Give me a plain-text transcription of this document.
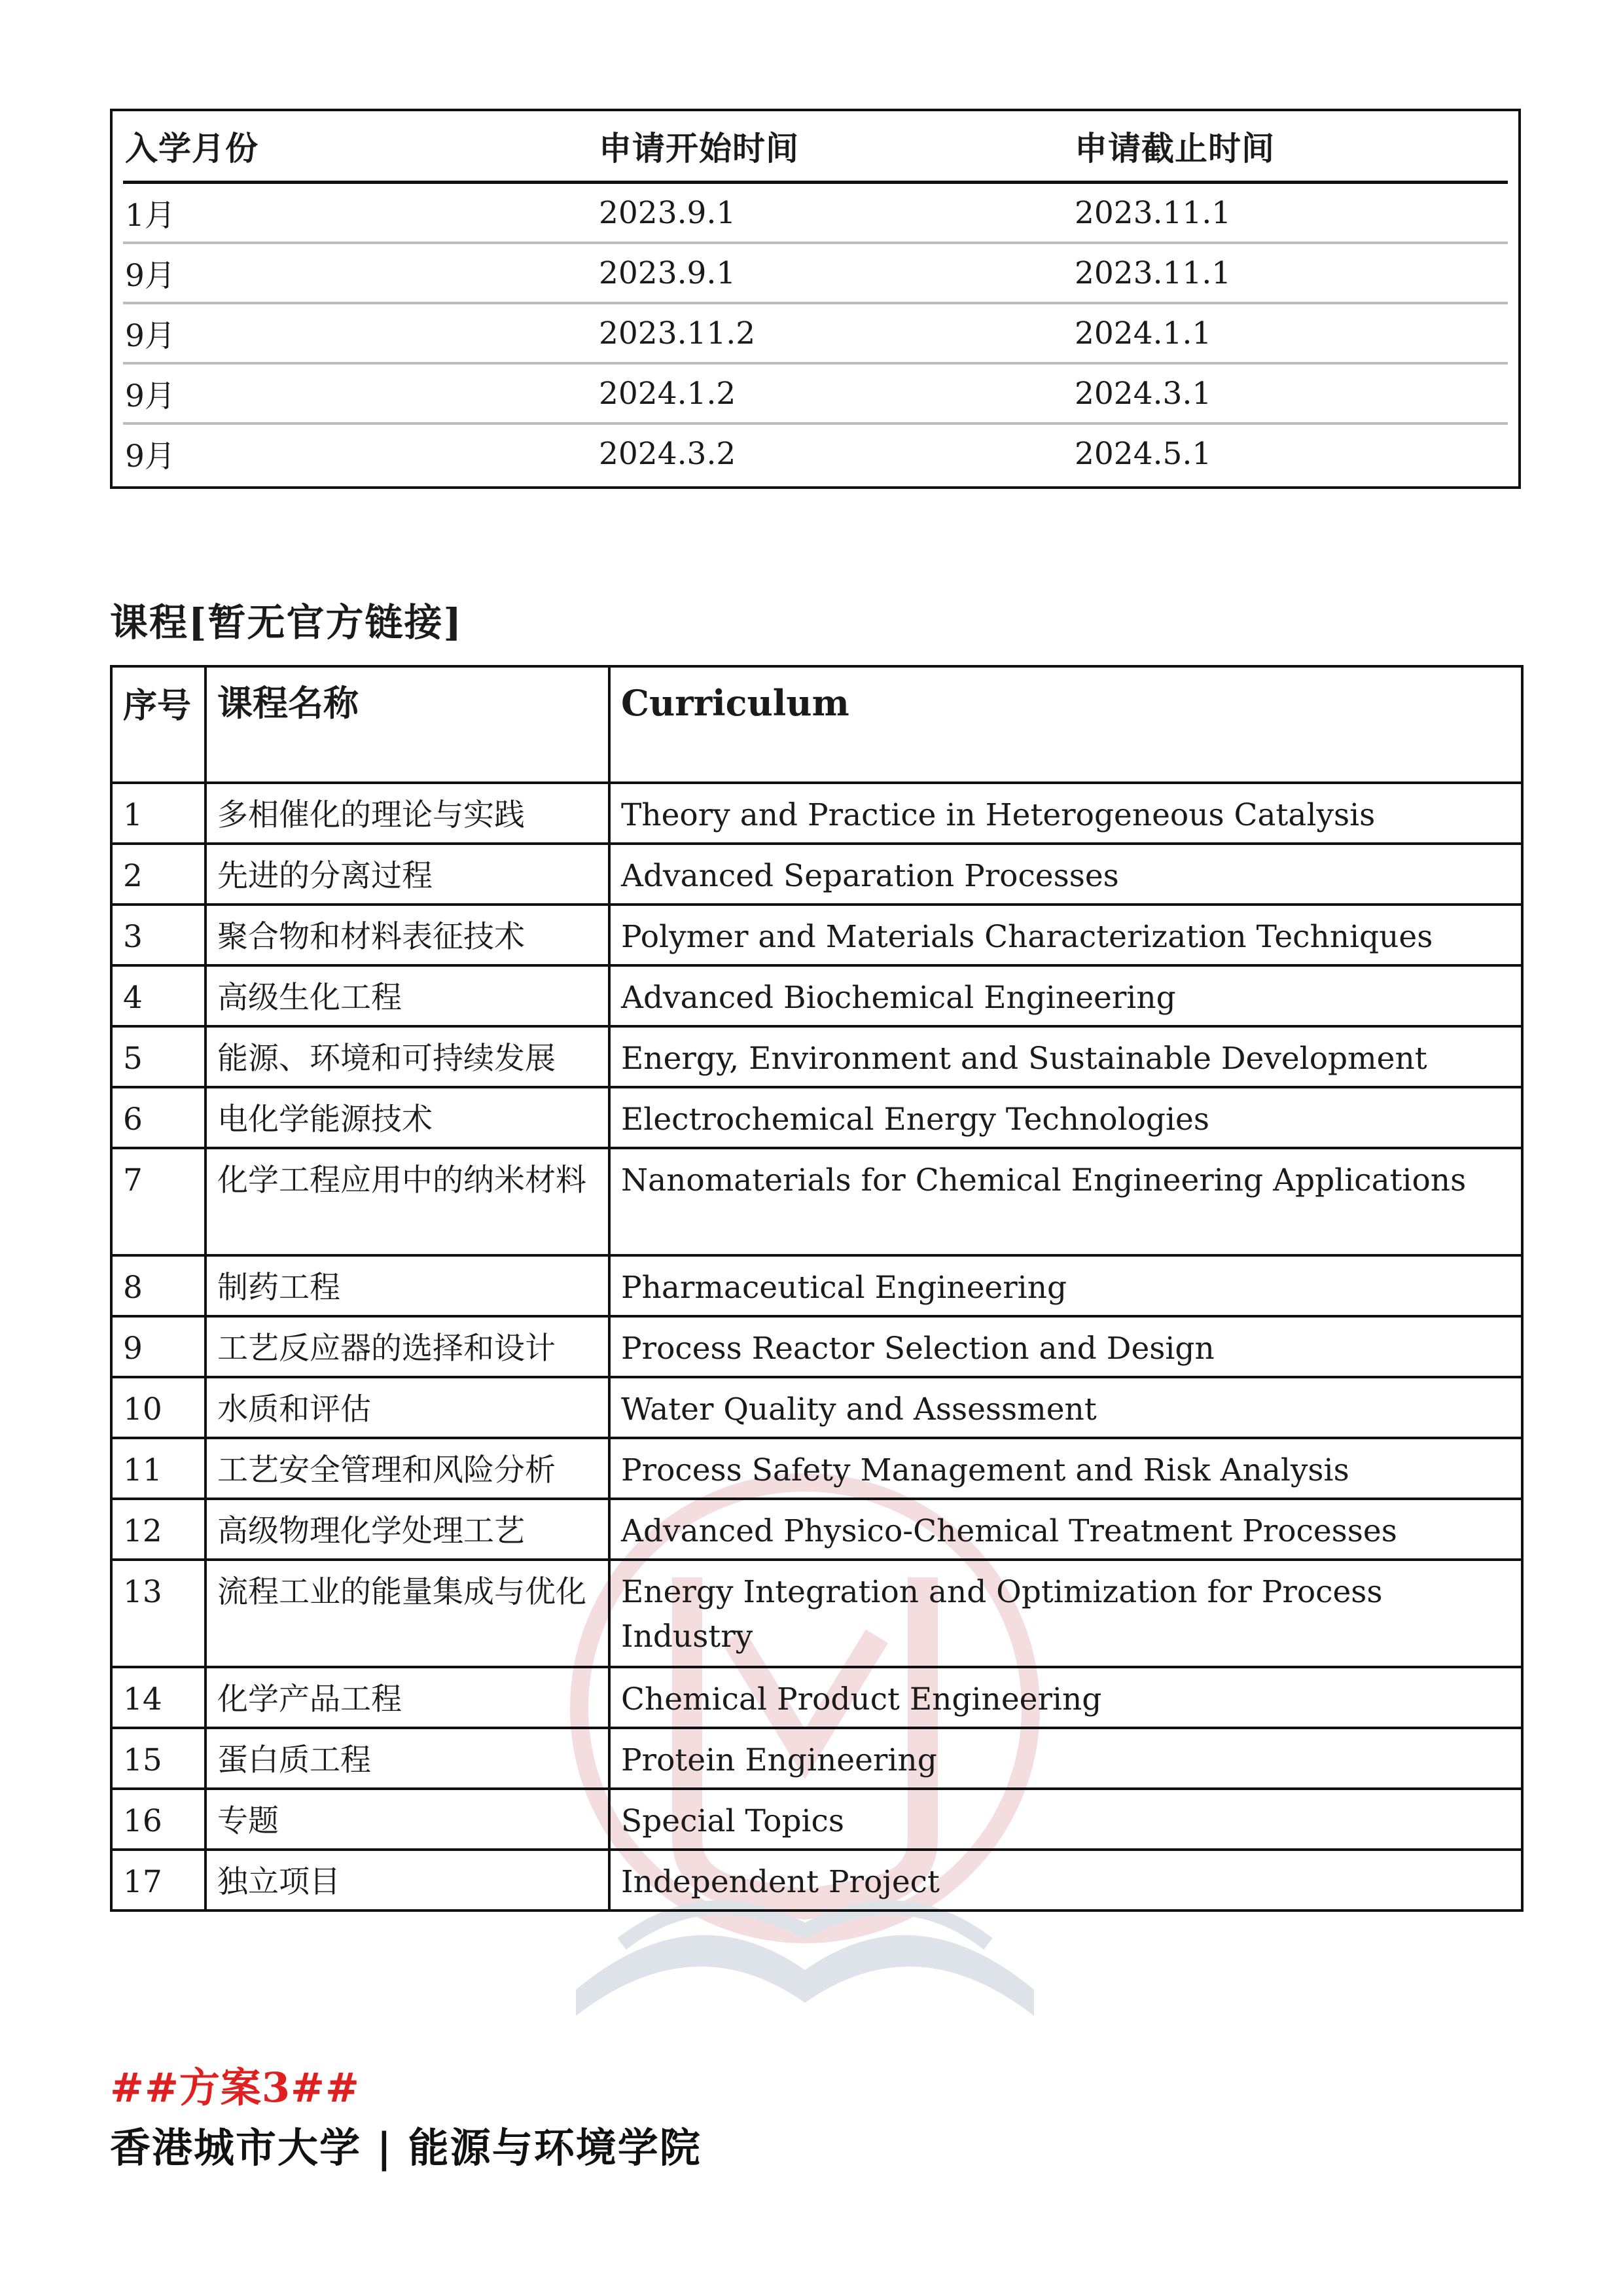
入学月份	申请开始时间	申请截止时间
1月	2023.9.1	2023.11.1
9月	2023.9.1	2023.11.1
9月	2023.11.2	2024.1.1
9月	2024.1.2	2024.3.1
9月	2024.3.2	2024.5.1
课程[暂无官方链接]
序号	课程名称	Curriculum
1	多相催化的理论与实践	Theory and Practice in Heterogeneous Catalysis
2	先进的分离过程	Advanced Separation Processes
3	聚合物和材料表征技术	Polymer and Materials Characterization Techniques
4	高级生化工程	Advanced Biochemical Engineering
5	能源、环境和可持续发展	Energy, Environment and Sustainable Development
6	电化学能源技术	Electrochemical Energy Technologies
7	化学工程应用中的纳米材料	Nanomaterials for Chemical Engineering Applications
8	制药工程	Pharmaceutical Engineering
9	工艺反应器的选择和设计	Process Reactor Selection and Design
10	水质和评估	Water Quality and Assessment
11	工艺安全管理和风险分析	Process Safety Management and Risk Analysis
12	高级物理化学处理工艺	Advanced Physico-Chemical Treatment Processes
13	流程工业的能量集成与优化	Energy Integration and Optimization for Process Industry
14	化学产品工程	Chemical Product Engineering
15	蛋白质工程	Protein Engineering
16	专题	Special Topics
17	独立项目	Independent Project
##方案3##
香港城市大学 | 能源与环境学院
